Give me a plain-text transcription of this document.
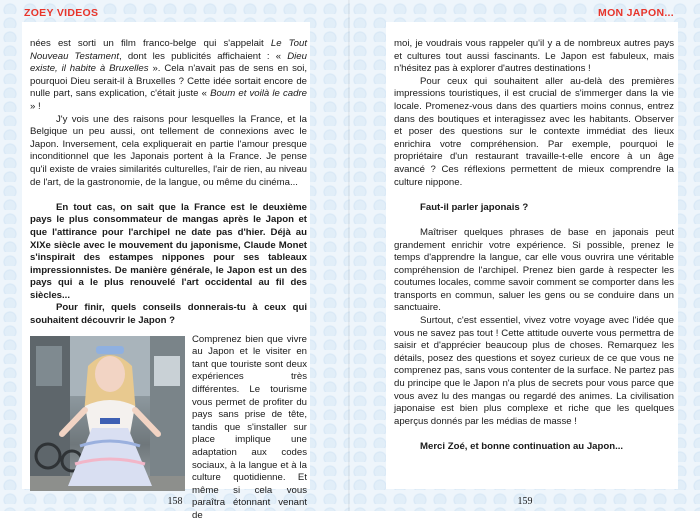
ZOEY VIDEOS

nées est sorti un film franco-belge qui s'appelait Le Tout Nouveau Testament, dont les publicités affichaient : « Dieu existe, il habite à Bruxelles ». Cela n'avait pas de sens en soi, pourquoi Dieu serait-il à Bruxelles ? Cette idée sortait encore de nulle part, sans explication, c'était juste « Boum et voilà le cadre » !

J'y vois une des raisons pour lesquelles la France, et la Belgique un peu aussi, ont tellement de connexions avec le Japon. Inversement, cela expliquerait en partie l'amour presque inconditionnel que les Japonais portent à la France. Je pense qu'il existe de vraies similarités culturelles, l'air de rien, au niveau de l'art, de la gastronomie, de la langue, ou même du cinéma...

En tout cas, on sait que la France est le deuxième pays le plus consommateur de mangas après le Japon et que l'attirance pour l'archipel ne date pas d'hier. Déjà au XIXe siècle avec le mouvement du japonisme, Claude Monet s'inspirait des estampes nippones pour ses tableaux impressionnistes. De manière générale, le Japon est un des pays qui a le plus renouvelé l'art occidental au fil des siècles...

Pour finir, quels conseils donnerais-tu à ceux qui souhaitent découvrir le Japon ?

Comprenez bien que vivre au Japon et le visiter en tant que touriste sont deux expériences très différentes. Le tourisme vous permet de profiter du pays sans prise de tête, tandis que s'installer sur place implique une adaptation aux codes sociaux, à la langue et à la culture quotidienne. Et même si cela vous paraîtra étonnant venant de

158
MON JAPON...

moi, je voudrais vous rappeler qu'il y a de nombreux autres pays et cultures tout aussi fascinants. Le Japon est fabuleux, mais n'hésitez pas à explorer d'autres destinations !

Pour ceux qui souhaitent aller au-delà des premières impressions touristiques, il est crucial de s'immerger dans la vie locale. Promenez-vous dans des quartiers moins connus, entrez dans des boutiques et interagissez avec les habitants. Observer et poser des questions sur le contexte immédiat des lieux enrichira votre compréhension. Par exemple, pourquoi le propriétaire d'un restaurant travaille-t-elle encore à un âge avancé ? Ces réflexions permettent de mieux comprendre la culture nippone.

Faut-il parler japonais ?

Maîtriser quelques phrases de base en japonais peut grandement enrichir votre expérience. Si possible, prenez le temps d'apprendre la langue, car elle vous ouvrira une véritable compréhension de l'archipel. Prenez bien garde à respecter les coutumes locales, comme savoir comment se comporter dans les transports en commun, saluer les gens ou se conduire dans un sanctuaire.

Surtout, c'est essentiel, vivez votre voyage avec l'idée que vous ne savez pas tout ! Cette attitude ouverte vous permettra de saisir et d'apprécier beaucoup plus de choses. Remarquez les détails, posez des questions et soyez curieux de ce que vous ne comprenez pas, sans vous contenter de la surface. Ne partez pas du principe que le Japon n'a plus de secrets pour vous parce que vous avez lu des mangas ou regardé des animes. La civilisation japonaise est bien plus complexe et riche que les quelques aperçus donnés par les médias de masse !

Merci Zoé, et bonne continuation au Japon...

159
